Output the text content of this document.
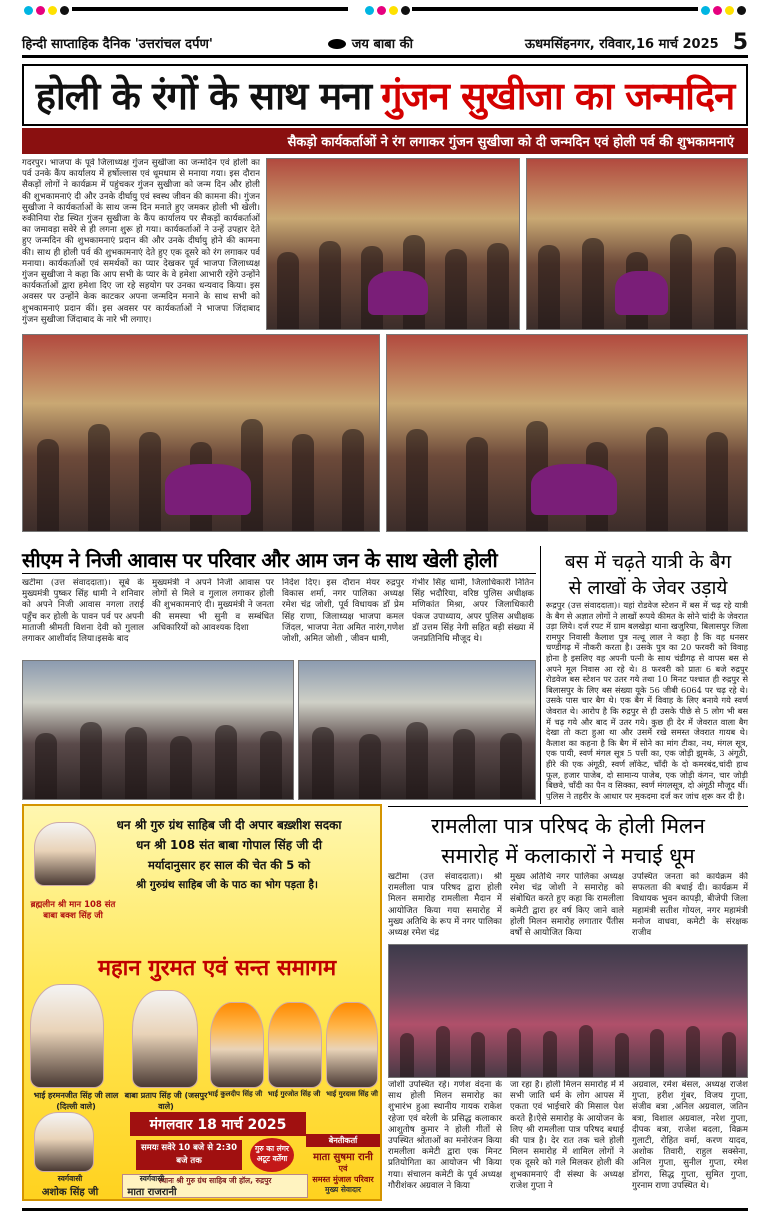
हिन्दी साप्ताहिक दैनिक 'उत्तरांचल दर्पण'	जय बाबा की	ऊधमसिंहनगर, रविवार,16 मार्च 2025 5
होली के रंगों के साथ मना गुंजन सुखीजा का जन्मदिन
सैकड़ो कार्यकर्ताओं ने रंग लगाकर गुंजन सुखीजा को दी जन्मदिन एवं होली पर्व की शुभकामनाएं
गदरपुर। भाजपा के पूर्व जिलाध्यक्ष गुंजन सुखीजा का जन्मदिन एवं होली का पर्व उनके कैंप कार्यालय में हर्षोल्लास एवं धूमधाम से मनाया गया। इस दौरान सैकड़ों लोगों ने कार्यक्रम में पहुंचकर गुंजन सुखीजा को जन्म दिन और होली की शुभकामनाएं दी और उनके दीर्घायु एवं स्वस्थ जीवन की कामना की। गुंजन सुखीजा ने कार्यकर्ताओं के साथ जन्म दिन मनाते हुए जमकर होली भी खेली। रुकीनिया रोड स्थित गुंजन सुखीजा के कैंप कार्यालय पर सैकड़ों कार्यकर्ताओं का जमावड़ा सवेरे से ही लगना शुरू हो गया। कार्यकर्ताओं ने उन्हें उपहार देते हुए जन्मदिन की शुभकामनाएं प्रदान की और उनके दीर्घायु होने की कामना की। साथ ही होली पर्व की शुभकामनाएं देते हुए एक दूसरे को रंग लगाकर पर्व मनाया। कार्यकर्ताओं एवं समर्थकों का प्यार देखकर पूर्व भाजपा जिलाध्यक्ष गुंजन सुखीजा ने कहा कि आप सभी के प्यार के वे हमेशा आभारी रहेंगे उन्होंने कार्यकर्ताओं द्वारा हमेशा दिए जा रहे सहयोग पर उनका धन्यवाद किया। इस अवसर पर उन्होंने केक काटकर अपना जन्मदिन मनाने के साथ सभी को शुभकामनाएं प्रदान कीं। इस अवसर पर कार्यकर्ताओं ने भाजपा जिंदाबाद गुंजन सुखीजा जिंदाबाद के नारे भी लगाए।
सीएम ने निजी आवास पर परिवार और आम जन के साथ खेली होली
खटीमा (उत्त संवाददाता)। सूबे के मुख्यमंत्री पुष्कर सिंह धामी ने शनिवार को अपने निजी आवास नगला तराई पहुँच कर होली के पावन पर्व पर अपनी माताजी श्रीमती विशना देवी को गुलाल लगाकर आशीर्वाद लिया।इसके बाद
मुख्यमंत्री ने अपने निजी आवास पर लोगों से मिले व गुलाल लगाकर होली की शुभकामनाएं दी। मुख्यमंत्री ने जनता की समस्या भी सुनी व सम्बंधित अधिकारियों को आवश्यक दिशा
निर्देश दिए। इस दौरान मेयर रुद्रपुर विकास शर्मा, नगर पालिका अध्यक्ष रमेश चंद्र जोशी, पूर्व विधायक डॉ प्रेम सिंह राणा, जिलाध्यक्ष भाजपा कमल जिंदल, भाजपा नेता अमित नारंग,गणेश जोशी, अमित जोशी , जीवन धामी,
गंभीर सिंह धामी, जिलाधिकारी नितिन सिंह भदौरिया, वरिष्ठ पुलिस अधीक्षक मणिकांत मिश्रा, अपर जिलाधिकारी पंकज उपाध्याय, अपर पुलिस अधीक्षक डॉ उत्तम सिंह नेगी सहित बड़ी संख्या में जनप्रतिनिधि मौजूद थे।
बस में चढ़ते यात्री के बैग
से लाखों के जेवर उड़ाये
रूद्रपुर (उत्त संवाददाता)। यहां रोडवेज स्टेशन में बस में चढ़ रहे यात्री के बैग से अज्ञात लोगों ने लाखों रूपये कीमत के सोने चांदी के जेवरात उड़ा लिये। दर्ज रपट में ग्राम बलखेड़ा थाना खजुरिया, बिलासपुर जिला रामपुर निवासी कैलाश पुत्र नत्थू लाल ने कहा है कि वह धनसर चण्डीगढ़ में नौकरी करता है। उसके पुत्र का 20 फरवरी को विवाह होना है इसलिए वह अपनी पत्नी के साथ चंडीगढ़ से वापस बस से अपने मूल निवास आ रहे थे। 8 फरवरी को प्रातः 6 बजे रुद्रपुर रोडवेज बस स्टेशन पर उतर गये तथा 10 मिनट पश्चात ही रुद्रपुर से बिलासपुर के लिए बस संख्या यूके 56 जीबी 6064 पर चढ़ रहे थे। उसके पास चार बैग थे। एक बैग में विवाह के लिए बनाये गये स्वर्ण जेवरात थे। आरोप है कि रुद्रपुर से ही उसके पीछे से 5 लोग भी बस में चढ़ गये और बाद में उतर गये। कुछ ही देर में जेवरात वाला बैग देखा तो कटा हुआ था और उसमें रखे समस्त जेवरात गायब थे। कैलाश का कहना है कि बैग में सोने का मांग टीका, नथ, मंगल सूत्र, एक पायी, स्वर्ण मंगल सूत्र 5 पत्ती का, एक जोड़ी झुमके, 3 अंगूठी, हीरे की एक अंगूठी, स्वर्ण लॉकेट, चाँदी के दो कमरबंद,चांदी हाथ फूल, हजार पाजेब, दो सामान्य पाजेब, एक जोड़ी कंगन, चार जोड़ी बिछवे, चाँदी का पैन व सिक्का, स्वर्ण मंगलसूत्र, दो अंगूठी मौजूद थीं। पुलिस ने तहरीर के आधार पर मुकदमा दर्ज कर जांच शुरू कर दी है।
धन श्री गुरु ग्रंथ साहिब जी दी अपार बख़्शीश सदका
धन श्री 108 संत बाबा गोपाल सिंह जी दी
मर्यादानुसार हर साल की चेत की 5 को
श्री गुरुग्रंथ साहिब जी के पाठ का भोग पड़ता है।
ब्रह्मलीन श्री मान 108 संत बाबा बक्श सिंह जी
महान गुरमत एवं सन्त समागम
भाई हरमनजीत सिंह जी लाल (दिल्ली वाले)
बाबा प्रताप सिंह जी (जसपुर वाले)
भाई कुलदीप सिंह जी भाई गुरजोत सिंह जी भाई गुरदास सिंह जी
मंगलवार 18 मार्च 2025
समयः सवेरे 10 बजे से 2:30 बजे तक
गुरु का लंगर अटूट वर्तेगा
स्थानः श्री गुरु ग्रंथ साहिब जी हॉल, रुद्रपुर
बेनतीकर्ता
माता सुषमा रानी
एवं
समस्त मुंजाल परिवार
मुख्य सेवादार
स्वर्गवासी
अशोक सिंह जी
स्वर्गवासी
माता राजरानी
रामलीला पात्र परिषद के होली मिलन
समारोह में कलाकारों ने मचाई धूम
खटीमा (उत्त संवाददाता)। श्री रामलीला पात्र परिषद द्वारा होली मिलन समारोह रामलीला मैदान में आयोजित किया गया समारोह में मुख्य अतिथि के रूप में नगर पालिका अध्यक्ष रमेश चंद्र
मुख्य अतिथि नगर पालिका अध्यक्ष रमेश चंद्र जोशी ने समारोह को संबोधित करते हुए कहा कि रामलीला कमेटी द्वारा हर वर्ष किए जाने वाले होली मिलन समारोह लगातार पैंतीस वर्षों से आयोजित किया
उपस्थित जनता को कार्यक्रम की सफलता की बधाई दी। कार्यक्रम में विधायक भुवन कापड़ी, बीजेपी जिला महामंत्री सतीश गोयल, नगर महामंत्री मनोज वाधवा, कमेटी के संरक्षक राजीव
जोशी उपस्थित रहे। गणेश वंदना के साथ होली मिलन समारोह का शुभारंभ हुआ स्थानीय गायक राकेश रहेजा एवं वरेली के प्रसिद्ध कलाकार आशुतोष कुमार ने होली गीतों से उपस्थित श्रोताओं का मनोरंजन किया रामलीला कमेटी द्वारा एक मिनट प्रतियोगिता का आयोजन भी किया गया। संचालन कमेटी के पूर्व अध्यक्ष गौरीशंकर अग्रवाल ने किया
जा रहा है। होली मिलन समारोह में में सभी जाति धर्म के लोग आपस में एकता एवं भाईचारे की मिसाल पेश करते है।ऐसे समारोह के आयोजन के लिए श्री रामलीला पात्र परिषद बधाई की पात्र है। देर रात तक चले होली मिलन समारोह में शामिल लोगों ने एक दूसरे को गले मिलकर होली की शुभकामनाएं दी संस्था के अध्यक्ष राजेश गुप्ता ने
अग्रवाल, रमेश बंसल, अध्यक्ष राजेश गुप्ता, हरीश गुंबर, विजय गुप्ता, संजीव बत्रा ,अनिल अग्रवाल, जतिन बत्रा, विशाल अग्रवाल, नरेश गुप्ता, दीपक बत्रा, राजेश बदला, विक्रम गुलाटी, रोहित वर्मा, करण यादव, अशोक तिवारी, राहुल सक्सेना, अनिल गुप्ता, सुनील गुप्ता, रमेश डोंगरा, सिद्ध गुप्ता, सुमित गुप्ता, गुरनाम राणा उपस्थित थे।
